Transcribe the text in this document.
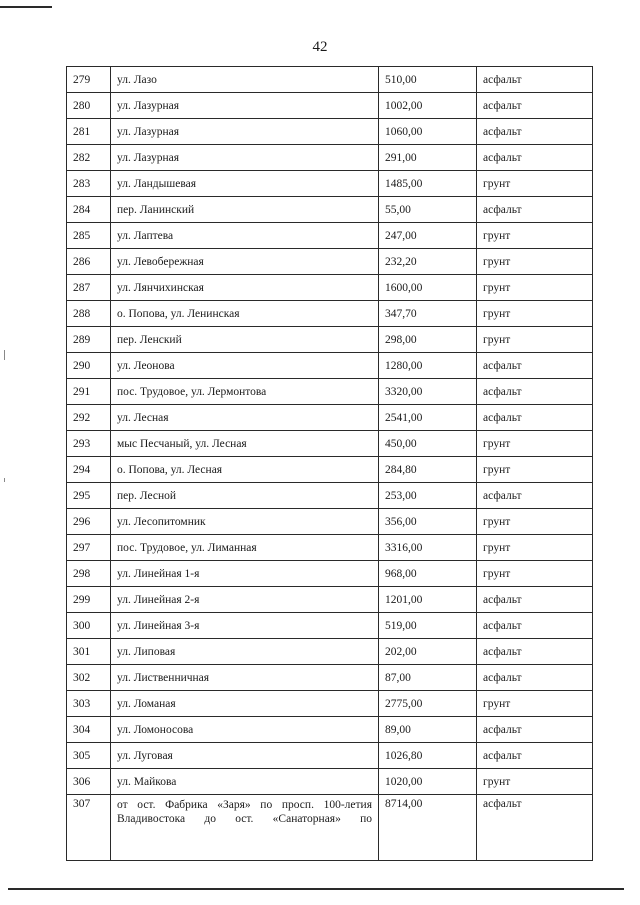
42
279	ул. Лазо	510,00	асфальт
280	ул. Лазурная	1002,00	асфальт
281	ул. Лазурная	1060,00	асфальт
282	ул. Лазурная	291,00	асфальт
283	ул. Ландышевая	1485,00	грунт
284	пер. Ланинский	55,00	асфальт
285	ул. Лаптева	247,00	грунт
286	ул. Левобережная	232,20	грунт
287	ул. Лянчихинская	1600,00	грунт
288	о. Попова, ул. Ленинская	347,70	грунт
289	пер. Ленский	298,00	грунт
290	ул. Леонова	1280,00	асфальт
291	пос. Трудовое, ул. Лермонтова	3320,00	асфальт
292	ул. Лесная	2541,00	асфальт
293	мыс Песчаный, ул. Лесная	450,00	грунт
294	о. Попова, ул. Лесная	284,80	грунт
295	пер. Лесной	253,00	асфальт
296	ул. Лесопитомник	356,00	грунт
297	пос. Трудовое, ул. Лиманная	3316,00	грунт
298	ул. Линейная 1-я	968,00	грунт
299	ул. Линейная 2-я	1201,00	асфальт
300	ул. Линейная 3-я	519,00	асфальт
301	ул. Липовая	202,00	асфальт
302	ул. Лиственничная	87,00	асфальт
303	ул. Ломаная	2775,00	грунт
304	ул. Ломоносова	89,00	асфальт
305	ул. Луговая	1026,80	асфальт
306	ул. Майкова	1020,00	грунт
307	от ост. Фабрика «Заря» по просп. 100-летия Владивостока до ост. «Санаторная» по	8714,00	асфальт
